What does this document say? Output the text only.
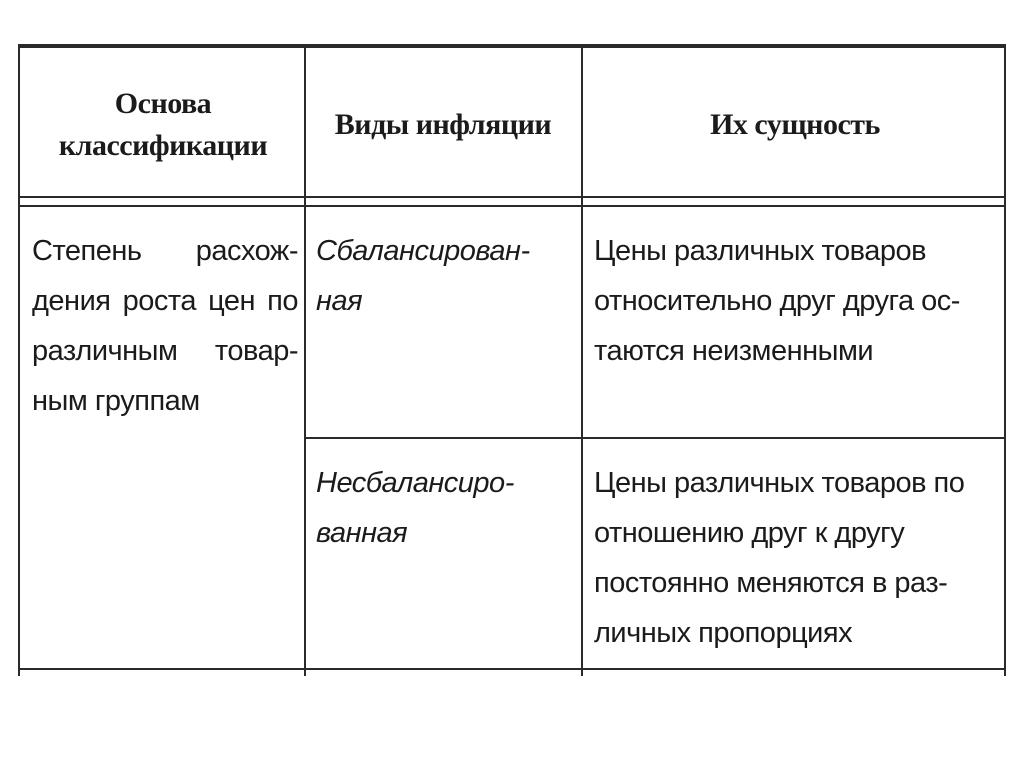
Основа
классификации
Виды инфляции	Их сущность
Степень расхож-
дения роста цен по
различным товар-
ным группам
Сбалансирован-
ная
Цены различных товаров
относительно друг друга ос-
таются неизменными
Несбалансиро-
ванная
Цены различных товаров по
отношению друг к другу
постоянно меняются в раз-
личных пропорциях
